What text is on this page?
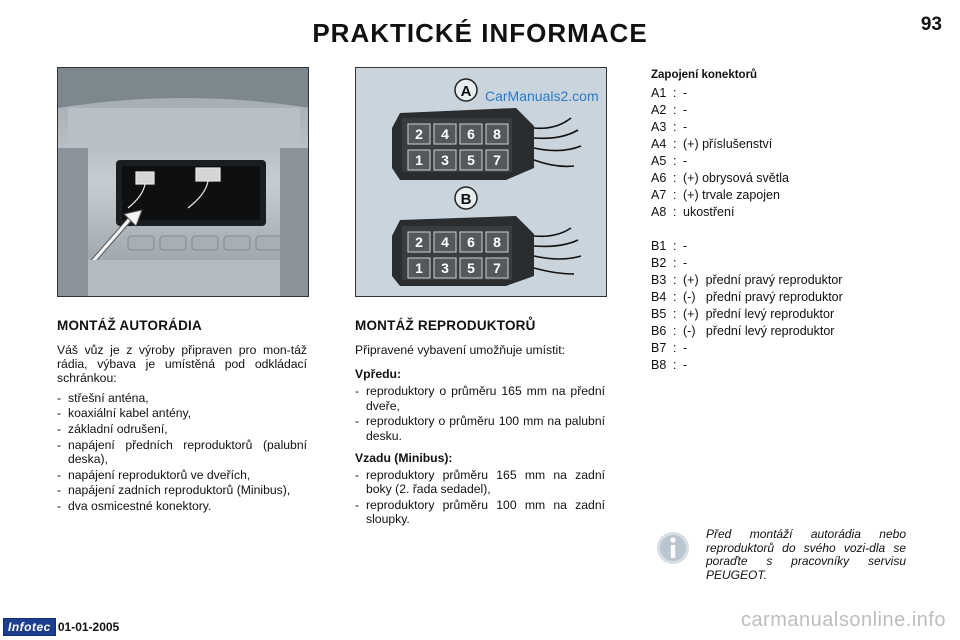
PRAKTICKÉ INFORMACE	93
A
B
2 4 6 8
1 3 5 7
2 4 6 8
1 3 5 7
CarManuals2.com
MONTÁŽ AUTORÁDIA

Váš vůz je z výroby připraven pro mon-táž rádia, výbava je umístěná pod odkládací schránkou:

- střešní anténa,
- koaxiální kabel antény,
- základní odrušení,
- napájení předních reproduktorů (palubní deska),
- napájení reproduktorů ve dveřích,
- napájení zadních reproduktorů (Minibus),
- dva osmicestné konektory.
MONTÁŽ REPRODUKTORŮ

Připravené vybavení umožňuje umístit:

Vpředu:
- reproduktory o průměru 165 mm na přední dveře,
- reproduktory o průměru 100 mm na palubní desku.
Vzadu (Minibus):
- reproduktory průměru 165 mm na zadní boky (2. řada sedadel),
- reproduktory průměru 100 mm na zadní sloupky.
Zapojení konektorů
A1 : -
A2 : -
A3 : -
A4 : (+) příslušenství
A5 : -
A6 : (+) obrysová světla
A7 : (+) trvale zapojen
A8 : ukostření
B1 : -
B2 : -
B3 : (+)  přední pravý reproduktor
B4 : (-)   přední pravý reproduktor
B5 : (+)  přední levý reproduktor
B6 : (-)   přední levý reproduktor
B7 : -
B8 : -
Před montáží autorádia nebo reproduktorů do svého vozi-dla se poraďte s pracovníky servisu PEUGEOT.
Infotec 01-01-2005	carmanualsonline.info
